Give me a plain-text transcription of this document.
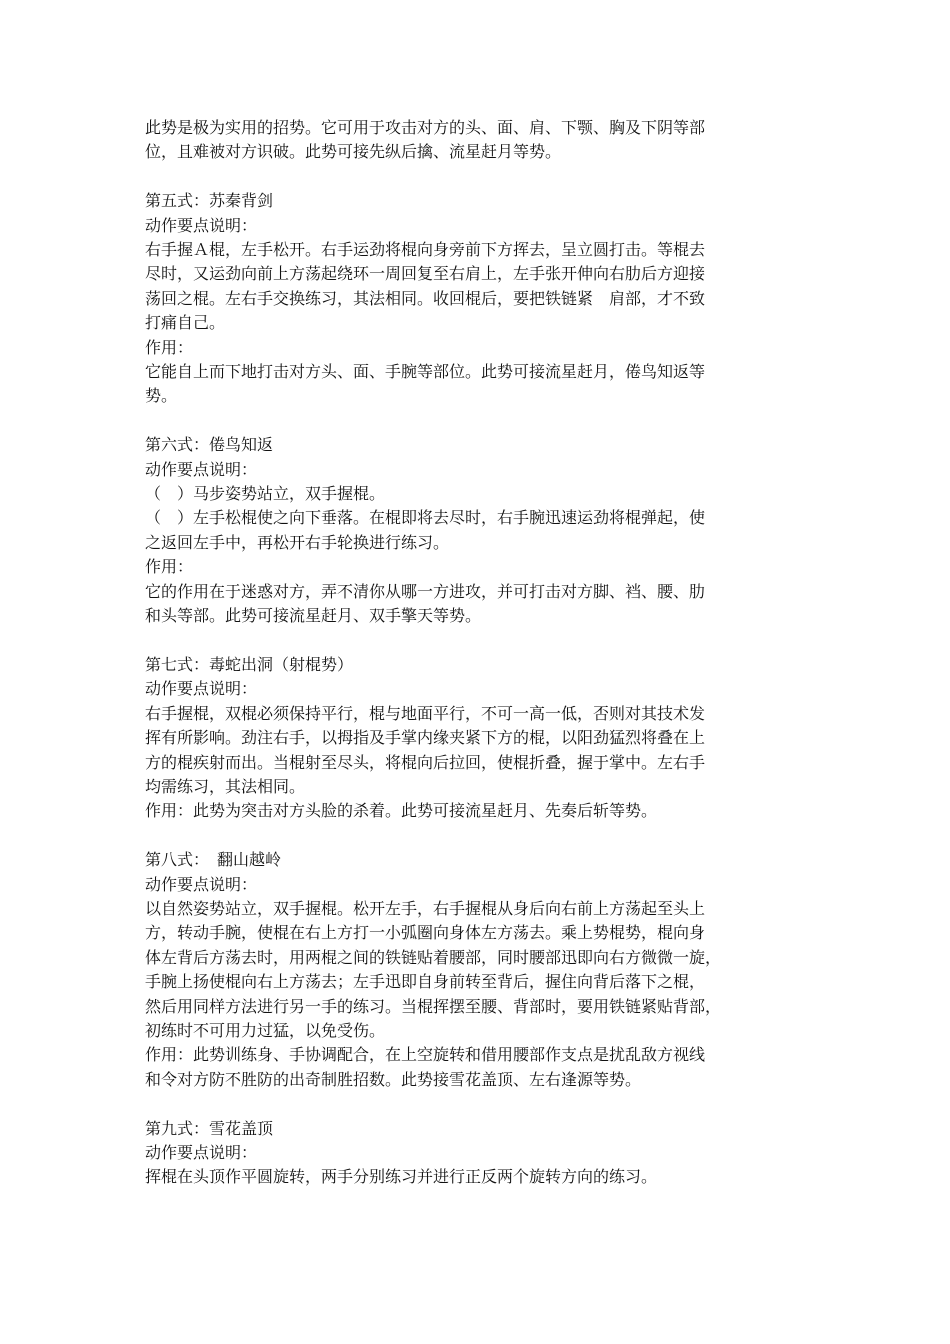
此势是极为实用的招势。它可用于攻击对方的头、面、肩、下颚、胸及下阴等部

位，且难被对方识破。此势可接先纵后擒、流星赶月等势。

第五式：苏秦背剑

动作要点说明：

右手握Ａ棍，左手松开。右手运劲将棍向身旁前下方挥去，呈立圆打击。等棍去

尽时，又运劲向前上方荡起绕环一周回复至右肩上，左手张开伸向右肋后方迎接

荡回之棍。左右手交换练习，其法相同。收回棍后，要把铁链紧　肩部，才不致

打痛自己。

作用：

它能自上而下地打击对方头、面、手腕等部位。此势可接流星赶月，倦鸟知返等

势。

第六式：倦鸟知返

动作要点说明：

（　）马步姿势站立，双手握棍。

（　）左手松棍使之向下垂落。在棍即将去尽时，右手腕迅速运劲将棍弹起，使

之返回左手中，再松开右手轮换进行练习。

作用：

它的作用在于迷惑对方，弄不清你从哪一方进攻，并可打击对方脚、裆、腰、肋

和头等部。此势可接流星赶月、双手擎天等势。

第七式：毒蛇出洞（射棍势）

动作要点说明：

右手握棍，双棍必须保持平行，棍与地面平行，不可一高一低，否则对其技术发

挥有所影响。劲注右手，以拇指及手掌内缘夹紧下方的棍，以阳劲猛烈将叠在上

方的棍疾射而出。当棍射至尽头，将棍向后拉回，使棍折叠，握于掌中。左右手

均需练习，其法相同。

作用：此势为突击对方头脸的杀着。此势可接流星赶月、先奏后斩等势。

第八式：　翻山越岭

动作要点说明：

以自然姿势站立，双手握棍。松开左手，右手握棍从身后向右前上方荡起至头上

方，转动手腕，使棍在右上方打一小弧圈向身体左方荡去。乘上势棍势，棍向身

体左背后方荡去时，用两棍之间的铁链贴着腰部，同时腰部迅即向右方微微一旋，

手腕上扬使棍向右上方荡去；左手迅即自身前转至背后，握住向背后落下之棍，

然后用同样方法进行另一手的练习。当棍挥摆至腰、背部时，要用铁链紧贴背部，

初练时不可用力过猛，以免受伤。

作用：此势训练身、手协调配合，在上空旋转和借用腰部作支点是扰乱敌方视线

和令对方防不胜防的出奇制胜招数。此势接雪花盖顶、左右逢源等势。

第九式：雪花盖顶

动作要点说明：

挥棍在头顶作平圆旋转，两手分别练习并进行正反两个旋转方向的练习。
